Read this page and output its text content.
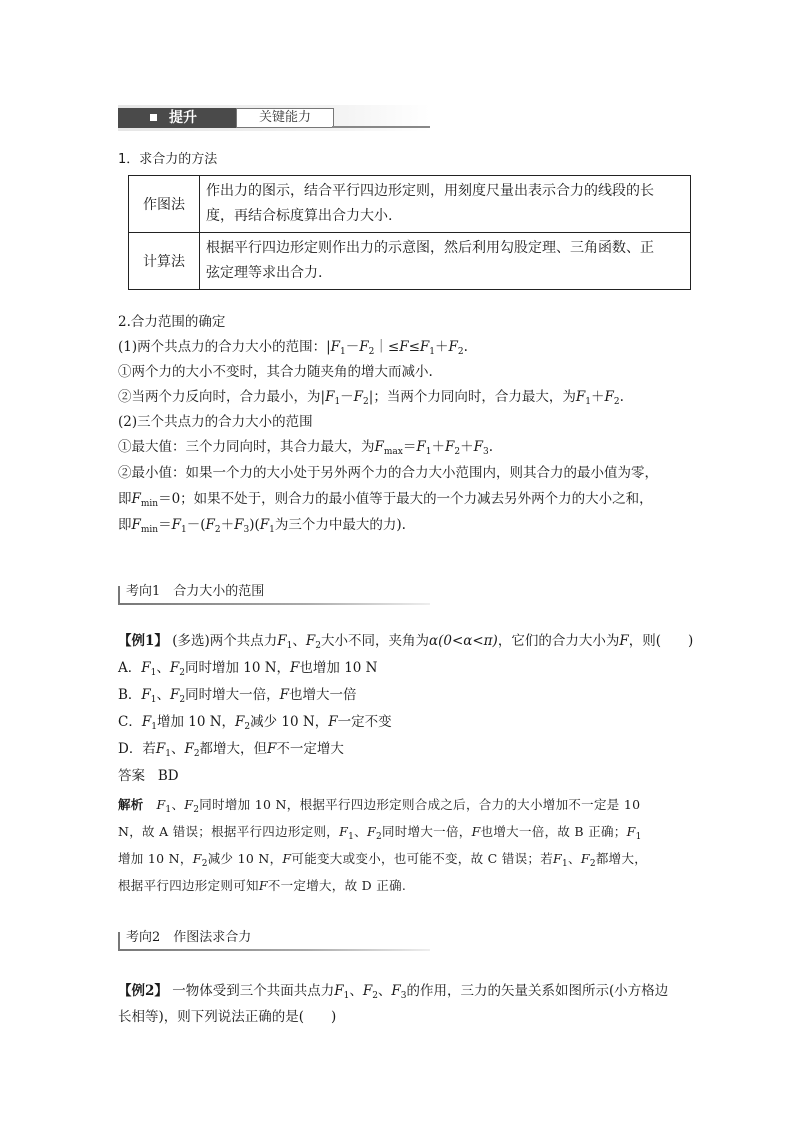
提升	关键能力
1．求合力的方法
作图法	作出力的图示，结合平行四边形定则，用刻度尺量出表示合力的线段的长
度，再结合标度算出合力大小.

计算法	根据平行四边形定则作出力的示意图，然后利用勾股定理、三角函数、正
弦定理等求出合力.
2.合力范围的确定
(1)两个共点力的合力大小的范围：$|F_1-F_2|\le F\le F_1+F_2$.
①两个力的大小不变时，其合力随夹角的增大而减小.
②当两个力反向时，合力最小，为$|F_1-F_2|$；当两个力同向时，合力最大，为$F_1+F_2$.
(2)三个共点力的合力大小的范围
①最大值：三个力同向时，其合力最大，为$F_{max}=F_1+F_2+F_3$.
②最小值：如果一个力的大小处于另外两个力的合力大小范围内，则其合力的最小值为零，
即$F_{min}=0$；如果不处于，则合力的最小值等于最大的一个力减去另外两个力的大小之和，
即$F_{min}=F_1-(F_2+F_3)(F_1$为三个力中最大的力).
考向1　合力大小的范围
【例1】 (多选)两个共点力$F_1$、$F_2$大小不同，夹角为α(0<α<π)，它们的合力大小为F，则(　　)
A．$F_1$、$F_2$同时增加 10 N，F也增加 10 N
B．$F_1$、$F_2$同时增大一倍，F也增大一倍
C．$F_1$增加 10 N，$F_2$减少 10 N，F一定不变
D．若$F_1$、$F_2$都增大，但F不一定增大
答案 BD
解析 $F_1$、$F_2$同时增加 10 N，根据平行四边形定则合成之后，合力的大小增加不一定是 10
N，故 A 错误；根据平行四边形定则，$F_1$、$F_2$同时增大一倍，F也增大一倍，故 B 正确；$F_1$
增加 10 N，$F_2$减少 10 N，F可能变大或变小，也可能不变，故 C 错误；若$F_1$、$F_2$都增大，
根据平行四边形定则可知F不一定增大，故 D 正确.
考向2　作图法求合力
【例2】 一物体受到三个共面共点力$F_1$、$F_2$、$F_3$的作用，三力的矢量关系如图所示(小方格边
长相等)，则下列说法正确的是(　　)
